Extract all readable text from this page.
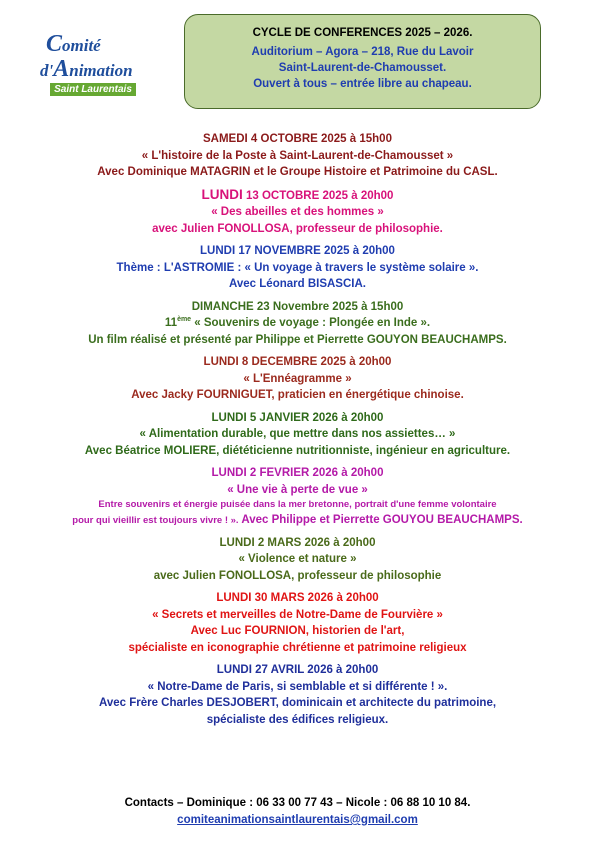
Comité
d'Animation
Saint Laurentais
CYCLE DE CONFERENCES 2025 – 2026.
Auditorium – Agora – 218, Rue du Lavoir
Saint-Laurent-de-Chamousset.
Ouvert à tous – entrée libre au chapeau.
SAMEDI 4 OCTOBRE 2025 à 15h00
« L'histoire de la Poste à Saint-Laurent-de-Chamousset »
Avec Dominique MATAGRIN et le Groupe Histoire et Patrimoine du CASL.
LUNDI 13 OCTOBRE 2025 à 20h00
« Des abeilles et des hommes »
avec Julien FONOLLOSA, professeur de philosophie.
LUNDI 17 NOVEMBRE 2025 à 20h00
Thème : L'ASTROMIE : « Un voyage à travers le système solaire ».
Avec Léonard BISASCIA.
DIMANCHE 23 Novembre 2025 à 15h00
11ème « Souvenirs de voyage : Plongée en Inde ».
Un film réalisé et présenté par Philippe et Pierrette GOUYON BEAUCHAMPS.
LUNDI 8 DECEMBRE 2025 à 20h00
« L'Ennéagramme »
Avec Jacky FOURNIGUET, praticien en énergétique chinoise.
LUNDI 5 JANVIER 2026 à 20h00
« Alimentation durable, que mettre dans nos assiettes… »
Avec Béatrice MOLIERE, diététicienne nutritionniste, ingénieur en agriculture.
LUNDI 2 FEVRIER 2026 à 20h00
« Une vie à perte de vue »
Entre souvenirs et énergie puisée dans la mer bretonne, portrait d'une femme volontaire
pour qui vieillir est toujours vivre ! ». Avec Philippe et Pierrette GOUYOU BEAUCHAMPS.
LUNDI 2 MARS 2026 à 20h00
« Violence et nature »
avec Julien FONOLLOSA, professeur de philosophie
LUNDI 30 MARS 2026 à 20h00
« Secrets et merveilles de Notre-Dame de Fourvière »
Avec Luc FOURNION, historien de l'art,
spécialiste en iconographie chrétienne et patrimoine religieux
LUNDI 27 AVRIL 2026 à 20h00
« Notre-Dame de Paris, si semblable et si différente ! ».
Avec Frère Charles DESJOBERT, dominicain et architecte du patrimoine,
spécialiste des édifices religieux.
Contacts – Dominique : 06 33 00 77 43 – Nicole : 06 88 10 10 84.
comiteanimationsaintlaurentais@gmail.com
